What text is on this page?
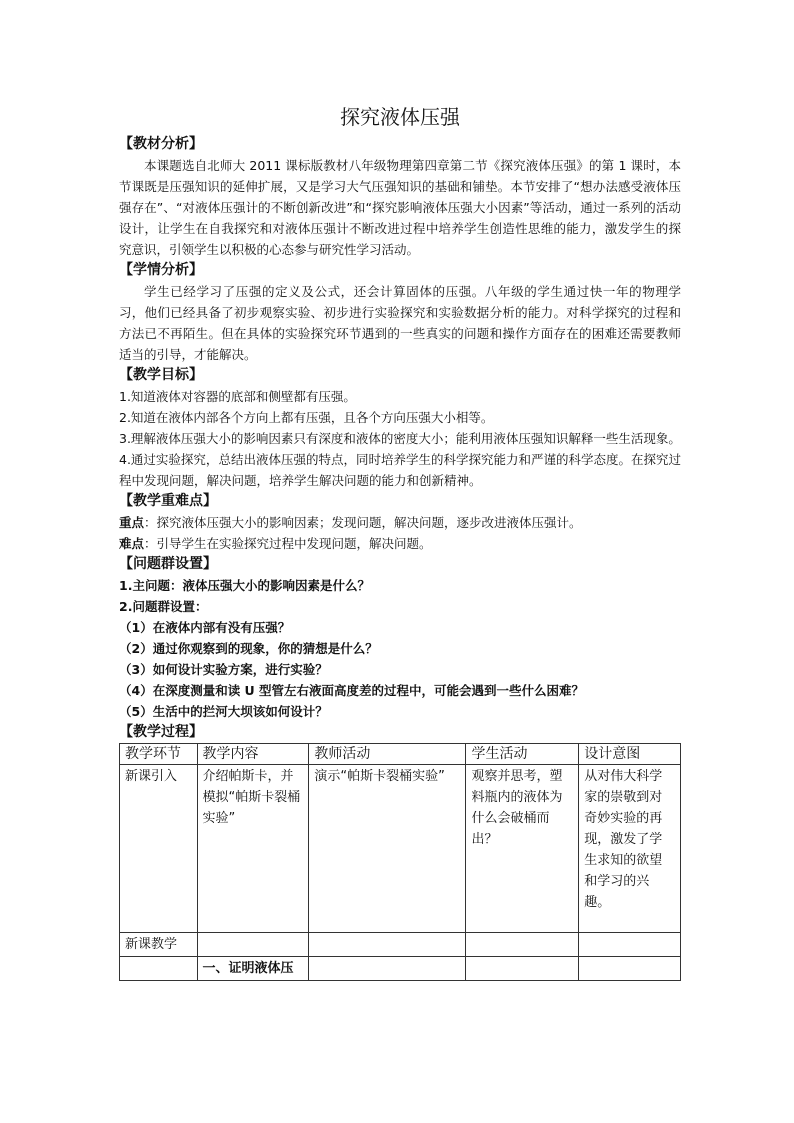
探究液体压强
【教材分析】

本课题选自北师大 2011 课标版教材八年级物理第四章第二节《探究液体压强》的第 1 课时，本节课既是压强知识的延伸扩展，又是学习大气压强知识的基础和铺垫。本节安排了“想办法感受液体压强存在”、“对液体压强计的不断创新改进”和“探究影响液体压强大小因素”等活动，通过一系列的活动设计，让学生在自我探究和对液体压强计不断改进过程中培养学生创造性思维的能力，激发学生的探究意识，引领学生以积极的心态参与研究性学习活动。

【学情分析】

学生已经学习了压强的定义及公式，还会计算固体的压强。八年级的学生通过快一年的物理学习，他们已经具备了初步观察实验、初步进行实验探究和实验数据分析的能力。对科学探究的过程和方法已不再陌生。但在具体的实验探究环节遇到的一些真实的问题和操作方面存在的困难还需要教师适当的引导，才能解决。

【教学目标】

1.知道液体对容器的底部和侧壁都有压强。

2.知道在液体内部各个方向上都有压强，且各个方向压强大小相等。

3.理解液体压强大小的影响因素只有深度和液体的密度大小；能利用液体压强知识解释一些生活现象。

4.通过实验探究，总结出液体压强的特点，同时培养学生的科学探究能力和严谨的科学态度。在探究过程中发现问题，解决问题，培养学生解决问题的能力和创新精神。

【教学重难点】

重点：探究液体压强大小的影响因素；发现问题，解决问题，逐步改进液体压强计。

难点：引导学生在实验探究过程中发现问题，解决问题。

【问题群设置】

1.主问题：液体压强大小的影响因素是什么？

2.问题群设置：

（1）在液体内部有没有压强？

（2）通过你观察到的现象，你的猜想是什么？

（3）如何设计实验方案，进行实验？

（4）在深度测量和读 U 型管左右液面高度差的过程中，可能会遇到一些什么困难？

（5）生活中的拦河大坝该如何设计？

【教学过程】
教学环节	教学内容	教师活动	学生活动	设计意图
新课引入	介绍帕斯卡，并模拟“帕斯卡裂桶实验”	演示“帕斯卡裂桶实验”	观察并思考，塑料瓶内的液体为什么会破桶而出？	从对伟大科学家的崇敬到对奇妙实验的再现，激发了学生求知的欲望和学习的兴趣。
新课教学				
	一、证明液体压			
